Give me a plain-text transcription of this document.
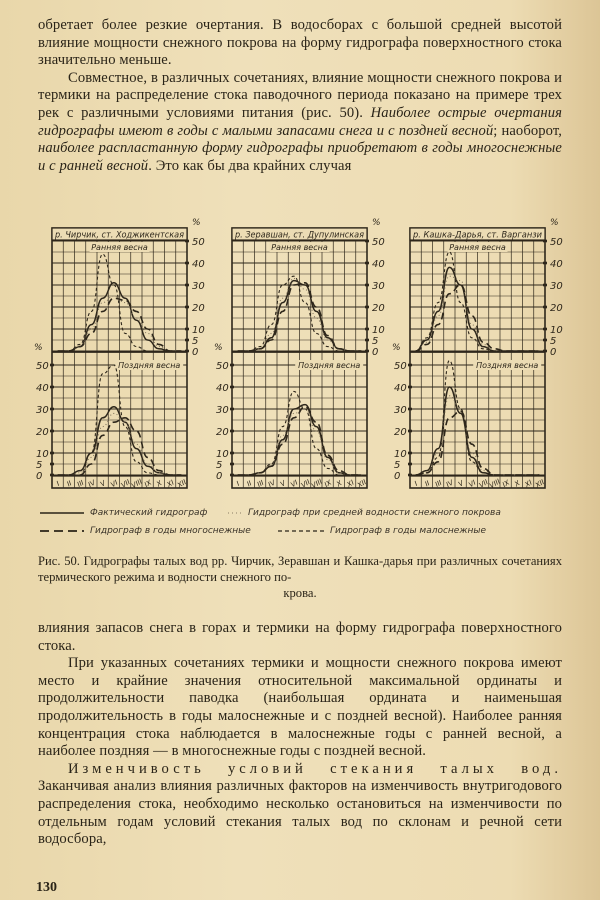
обретает более резкие очертания. В водосборах с большой средней высотой влияние мощности снежного покрова на форму гидрографа поверхностного стока значительно меньше.

Совместное, в различных сочетаниях, влияние мощности снежного покрова и термики на распределение стока паводочного периода показано на примере трех рек с различными условиями питания (рис. 50). Наиболее острые очертания гидрографы имеют в годы с малыми запасами снега и с поздней весной; наоборот, наиболее распластанную форму гидрографы приобретают в годы многоснежные и с ранней весной. Это как бы два крайних случая

0
5
10
20
30
40
50
%
Ранняя весна
0
5
10
20
30
40
50
%
Поздняя весна
р. Чирчик, ст. Ходжикентская
I II III IV V VI VII
VIII IX X XI XII
0
5
10
20
30
40
50
%
Ранняя весна
0
5
10
20
30
40
50
%
Поздняя весна
р. Зеравшан, ст. Дупулинская
I II III IV V VI VII
VIII IX X XI XII
0
5
10
20
30
40
50
%
Ранняя весна
0
5
10
20
30
40
50
%
Поздняя весна
р. Кашка-Дарья, ст. Варганзи
I II III IV V VI VII
VIII IX X XI XII
Фактический гидрограф	Гидрограф при средней водности снежного покрова
Гидрограф в годы многоснежные	Гидрограф в годы малоснежные
Рис. 50. Гидрографы талых вод рр. Чирчик, Зеравшан и Кашка-дарья при различных сочетаниях термического режима и водности снежного по-
крова.

влияния запасов снега в горах и термики на форму гидрографа поверхностного стока.

При указанных сочетаниях термики и мощности снежного покрова имеют место и крайние значения относительной максимальной ординаты и продолжительности паводка (наибольшая ордината и наименьшая продолжительность в годы малоснежные и с поздней весной). Наиболее ранняя концентрация стока наблюдается в малоснежные годы с ранней весной, а наиболее поздняя — в многоснежные годы с поздней весной.

Изменчивость условий стекания талых вод. Заканчивая анализ влияния различных факторов на изменчивость внутригодового распределения стока, необходимо несколько остановиться на изменчивости по отдельным годам условий стекания талых вод по склонам и речной сети водосбора,

130
